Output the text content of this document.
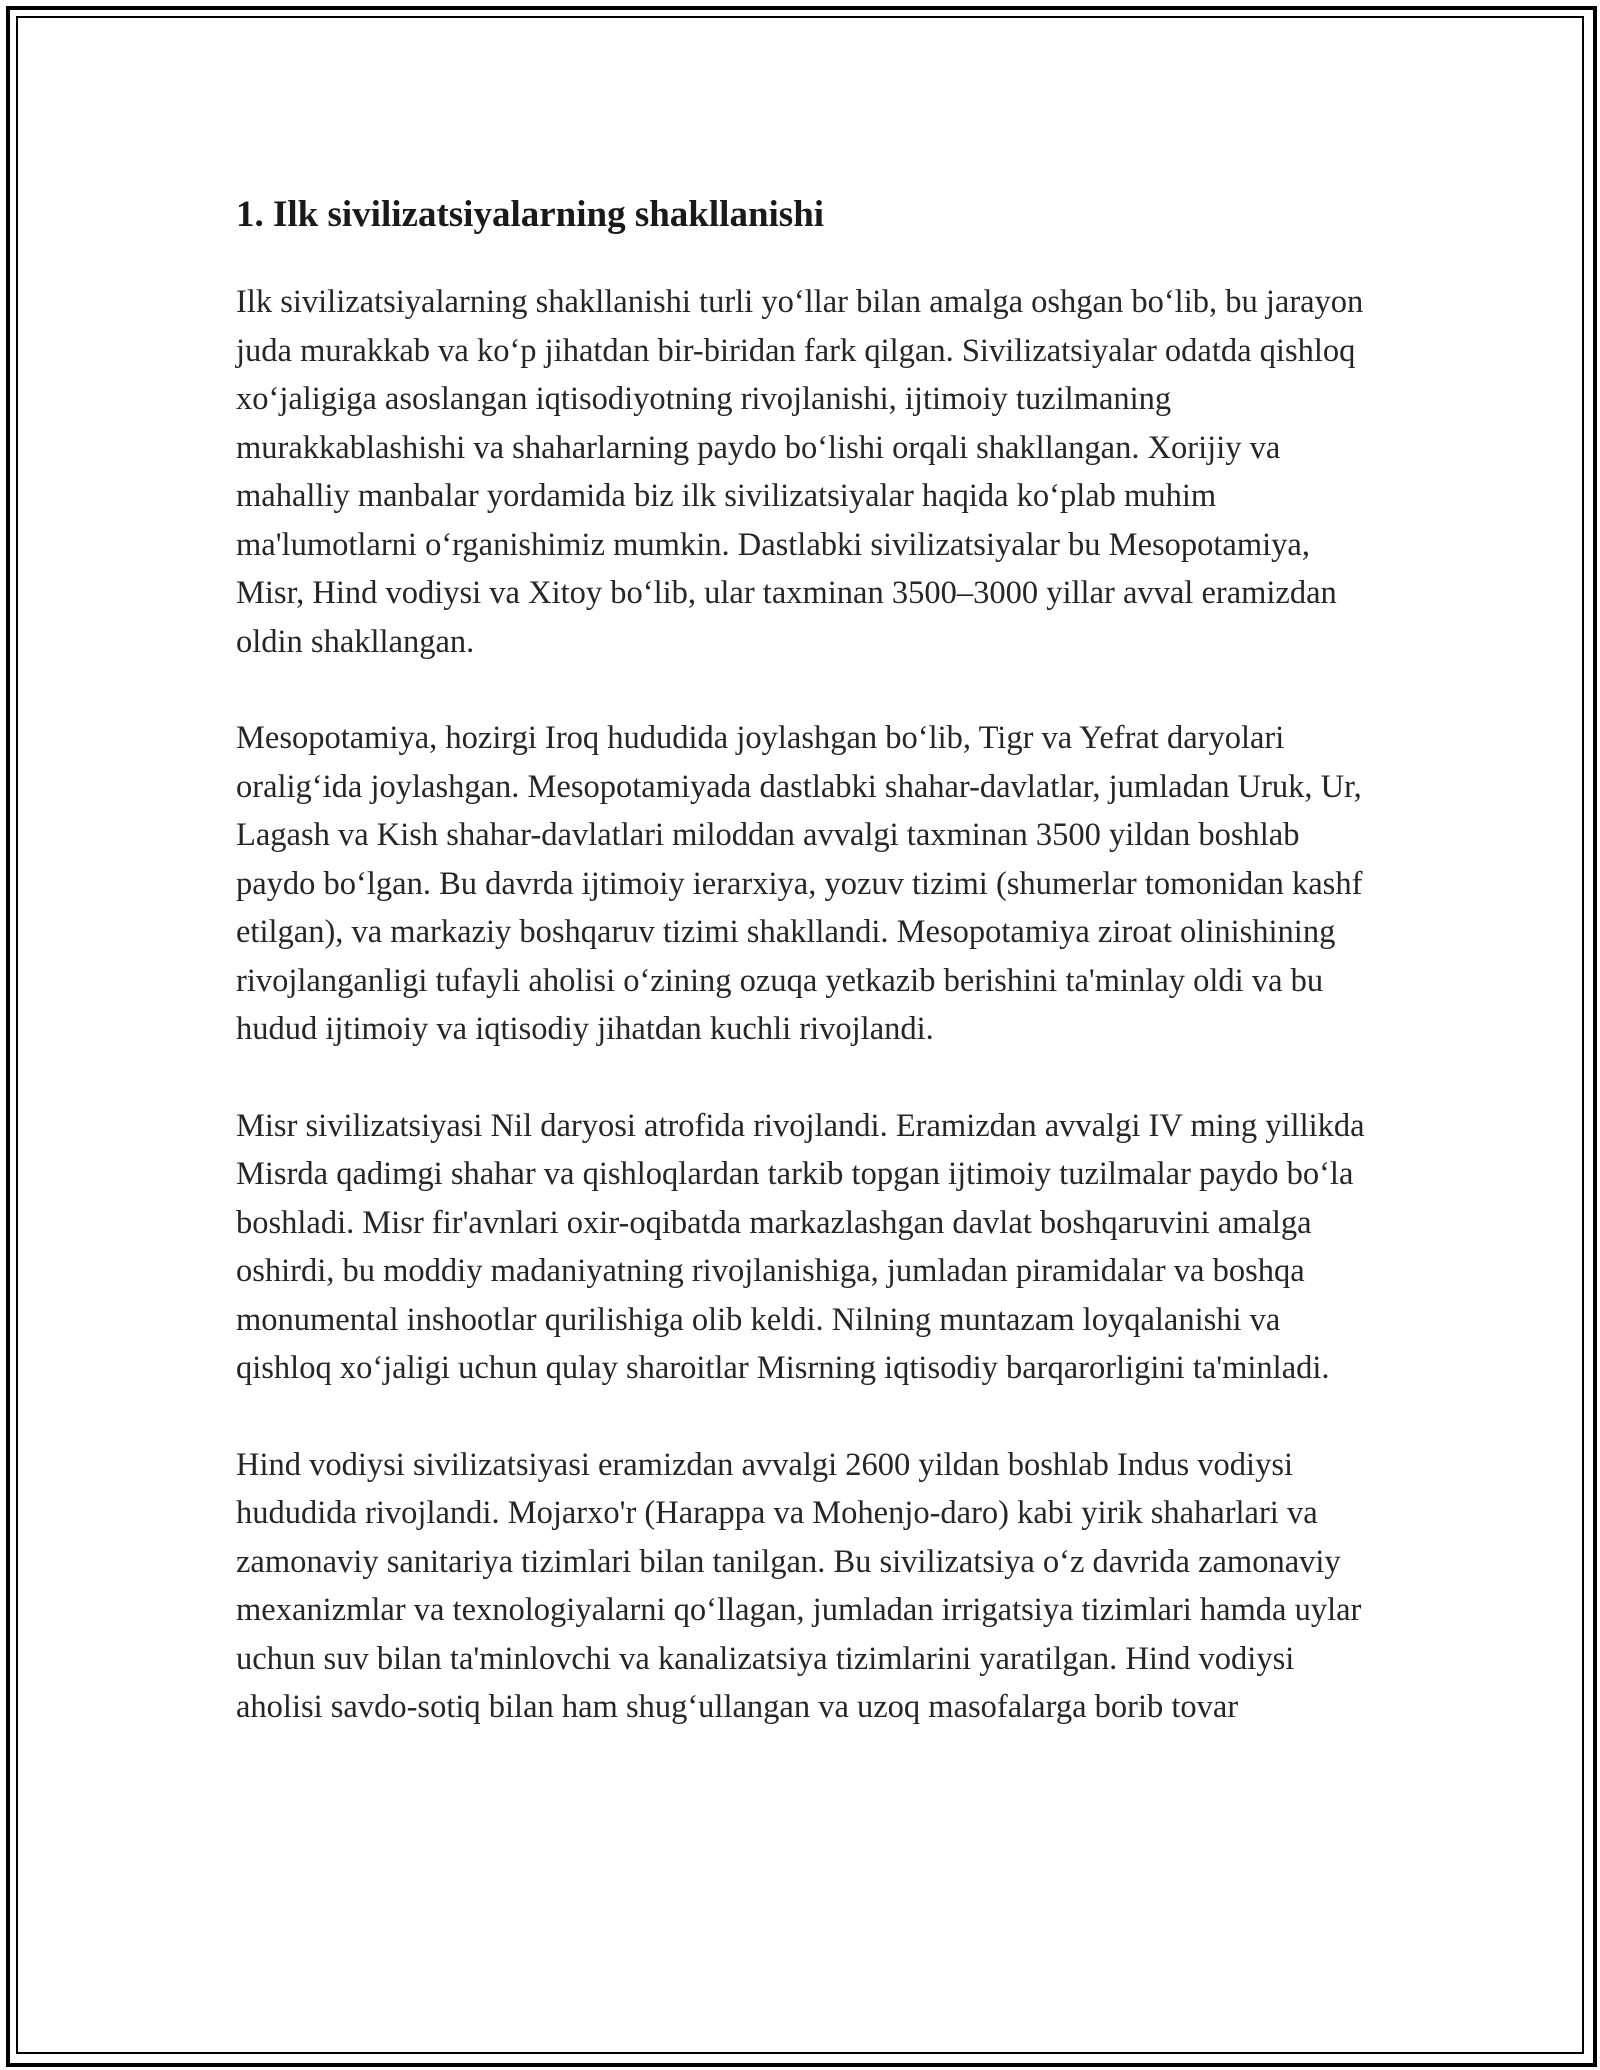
1. Ilk sivilizatsiyalarning shakllanishi

Ilk sivilizatsiyalarning shakllanishi turli yo‘llar bilan amalga oshgan bo‘lib, bu jarayon juda murakkab va ko‘p jihatdan bir-biridan fark qilgan. Sivilizatsiyalar odatda qishloq xo‘jaligiga asoslangan iqtisodiyotning rivojlanishi, ijtimoiy tuzilmaning murakkablashishi va shaharlarning paydo bo‘lishi orqali shakllangan. Xorijiy va mahalliy manbalar yordamida biz ilk sivilizatsiyalar haqida ko‘plab muhim ma'lumotlarni o‘rganishimiz mumkin. Dastlabki sivilizatsiyalar bu Mesopotamiya, Misr, Hind vodiysi va Xitoy bo‘lib, ular taxminan 3500–3000 yillar avval eramizdan oldin shakllangan.

Mesopotamiya, hozirgi Iroq hududida joylashgan bo‘lib, Tigr va Yefrat daryolari oralig‘ida joylashgan. Mesopotamiyada dastlabki shahar-davlatlar, jumladan Uruk, Ur, Lagash va Kish shahar-davlatlari miloddan avvalgi taxminan 3500 yildan boshlab paydo bo‘lgan. Bu davrda ijtimoiy ierarxiya, yozuv tizimi (shumerlar tomonidan kashf etilgan), va markaziy boshqaruv tizimi shakllandi. Mesopotamiya ziroat olinishining rivojlanganligi tufayli aholisi o‘zining ozuqa yetkazib berishini ta'minlay oldi va bu hudud ijtimoiy va iqtisodiy jihatdan kuchli rivojlandi.

Misr sivilizatsiyasi Nil daryosi atrofida rivojlandi. Eramizdan avvalgi IV ming yillikda Misrda qadimgi shahar va qishloqlardan tarkib topgan ijtimoiy tuzilmalar paydo bo‘la boshladi. Misr fir'avnlari oxir-oqibatda markazlashgan davlat boshqaruvini amalga oshirdi, bu moddiy madaniyatning rivojlanishiga, jumladan piramidalar va boshqa monumental inshootlar qurilishiga olib keldi. Nilning muntazam loyqalanishi va qishloq xo‘jaligi uchun qulay sharoitlar Misrning iqtisodiy barqarorligini ta'minladi.

Hind vodiysi sivilizatsiyasi eramizdan avvalgi 2600 yildan boshlab Indus vodiysi hududida rivojlandi. Mojarxo'r (Harappa va Mohenjo-daro) kabi yirik shaharlari va zamonaviy sanitariya tizimlari bilan tanilgan. Bu sivilizatsiya o‘z davrida zamonaviy mexanizmlar va texnologiyalarni qo‘llagan, jumladan irrigatsiya tizimlari hamda uylar uchun suv bilan ta'minlovchi va kanalizatsiya tizimlarini yaratilgan. Hind vodiysi aholisi savdo-sotiq bilan ham shug‘ullangan va uzoq masofalarga borib tovar
